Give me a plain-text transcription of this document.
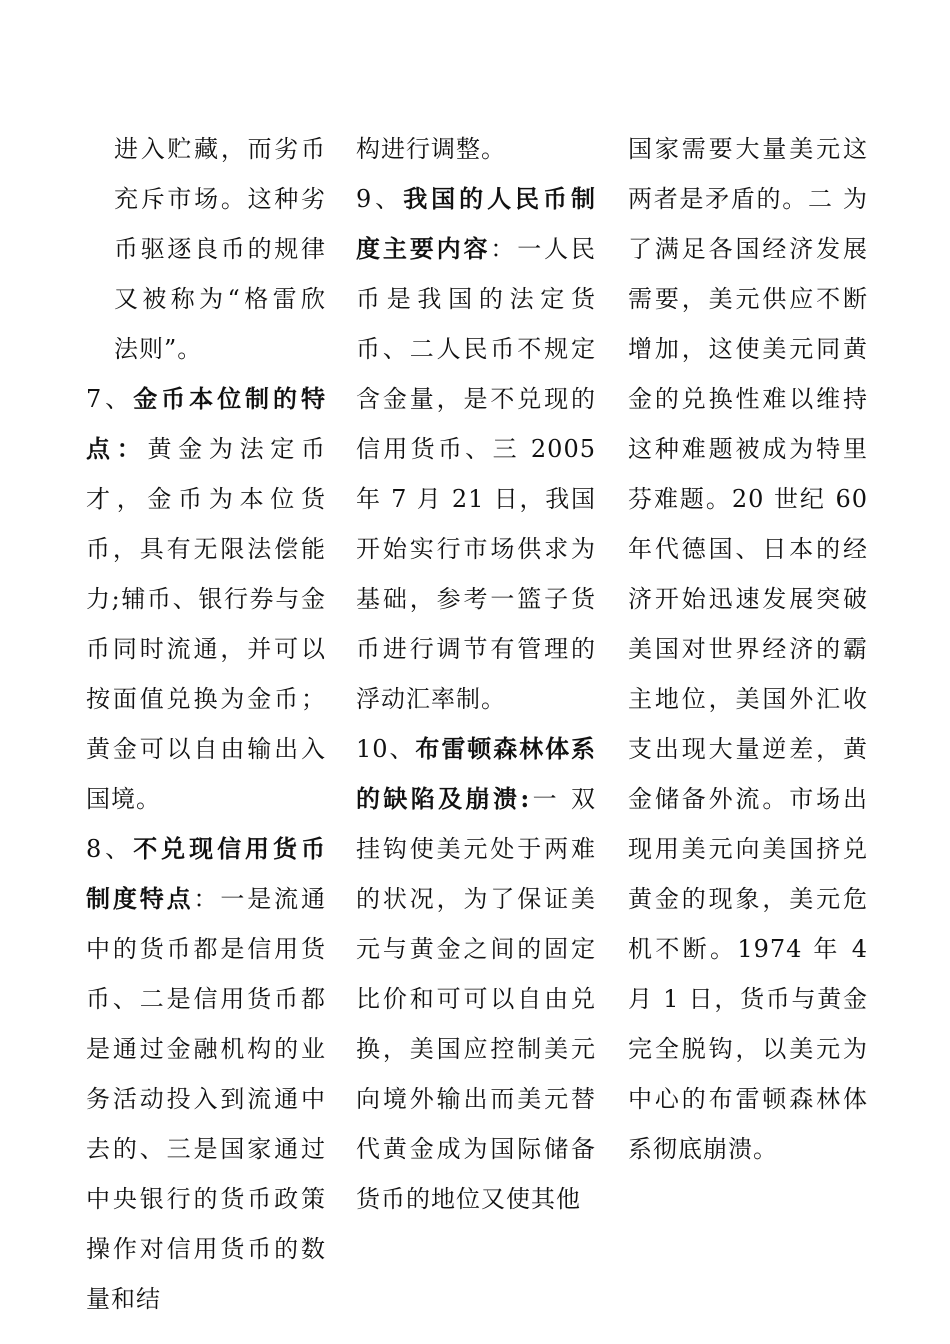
进入贮藏，而劣币充斥市场。这种劣币驱逐良币的规律又被称为“格雷欣法则”。

7、金币本位制的特点：黄金为法定币才，金币为本位货币，具有无限法偿能力;辅币、银行券与金币同时流通，并可以按面值兑换为金币；黄金可以自由输出入国境。

8、不兑现信用货币制度特点：一是流通中的货币都是信用货币、二是信用货币都是通过金融机构的业务活动投入到流通中去的、三是国家通过中央银行的货币政策操作对信用货币的数量和结

构进行调整。

9、我国的人民币制度主要内容：一人民币是我国的法定货币、二人民币不规定含金量，是不兑现的信用货币、三 2005 年 7 月 21 日，我国开始实行市场供求为基础，参考一篮子货币进行调节有管理的浮动汇率制。

10、布雷顿森林体系的缺陷及崩溃:一 双挂钩使美元处于两难的状况，为了保证美元与黄金之间的固定比价和可可以自由兑换，美国应控制美元向境外输出而美元替代黄金成为国际储备货币的地位又使其他

国家需要大量美元这两者是矛盾的。二 为了满足各国经济发展需要，美元供应不断增加，这使美元同黄金的兑换性难以维持这种难题被成为特里芬难题。20 世纪 60 年代德国、日本的经济开始迅速发展突破美国对世界经济的霸主地位，美国外汇收支出现大量逆差，黄金储备外流。市场出现用美元向美国挤兑黄金的现象，美元危机不断。1974 年 4 月 1 日，货币与黄金完全脱钩，以美元为中心的布雷顿森林体系彻底崩溃。
